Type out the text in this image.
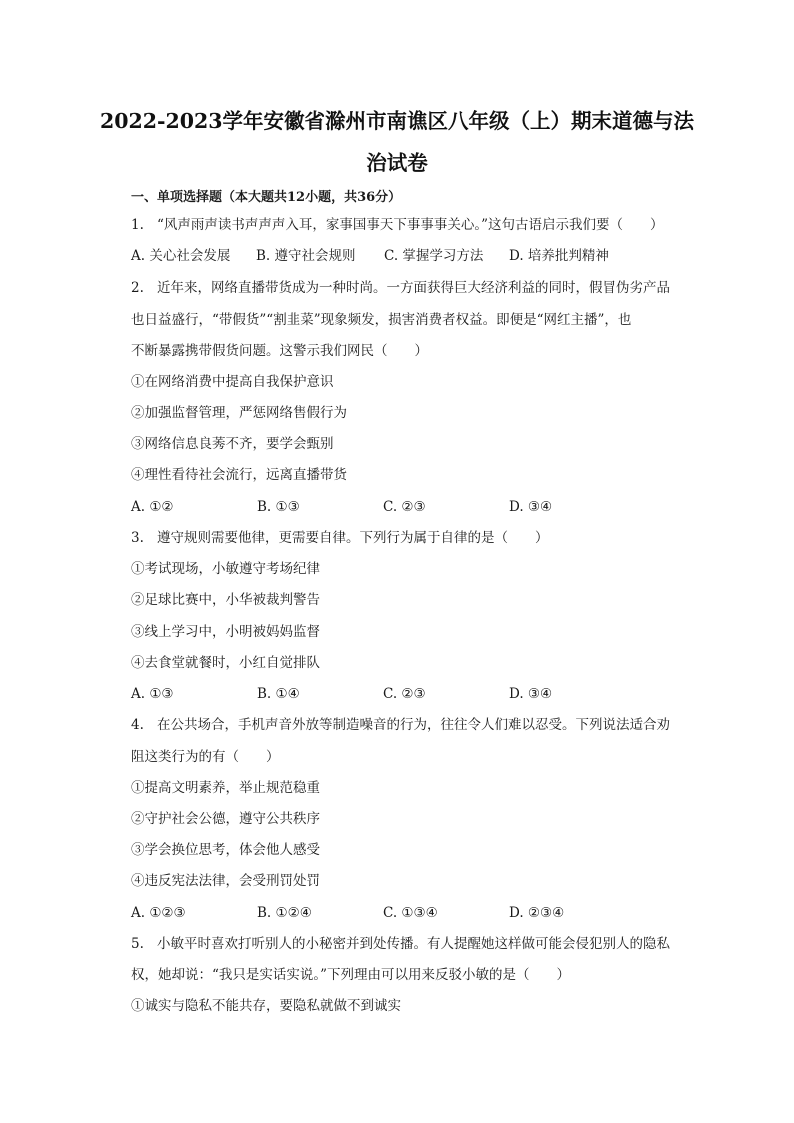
2022-2023学年安徽省滁州市南谯区八年级（上）期末道德与法
治试卷
一、单项选择题（本大题共12小题，共36分）
1. “风声雨声读书声声声入耳，家事国事天下事事事关心。”这句古语启示我们要（　　）
A. 关心社会发展 B. 遵守社会规则 C. 掌握学习方法 D. 培养批判精神
2. 近年来，网络直播带货成为一种时尚。一方面获得巨大经济利益的同时，假冒伪劣产品
也日益盛行，“带假货”“割韭菜”现象频发，损害消费者权益。即便是“网红主播”，也
不断暴露携带假货问题。这警示我们网民（　　）
①在网络消费中提高自我保护意识
②加强监督管理，严惩网络售假行为
③网络信息良莠不齐，要学会甄别
④理性看待社会流行，远离直播带货
A. ①②	B. ①③	C. ②③	D. ③④
3. 遵守规则需要他律，更需要自律。下列行为属于自律的是（　　）
①考试现场，小敏遵守考场纪律
②足球比赛中，小华被裁判警告
③线上学习中，小明被妈妈监督
④去食堂就餐时，小红自觉排队
A. ①③	B. ①④	C. ②③	D. ③④
4. 在公共场合，手机声音外放等制造噪音的行为，往往令人们难以忍受。下列说法适合劝
阻这类行为的有（　　）
①提高文明素养，举止规范稳重
②守护社会公德，遵守公共秩序
③学会换位思考，体会他人感受
④违反宪法法律，会受刑罚处罚
A. ①②③	B. ①②④	C. ①③④	D. ②③④
5. 小敏平时喜欢打听别人的小秘密并到处传播。有人提醒她这样做可能会侵犯别人的隐私
权，她却说：“我只是实话实说。”下列理由可以用来反驳小敏的是（　　）
①诚实与隐私不能共存，要隐私就做不到诚实
